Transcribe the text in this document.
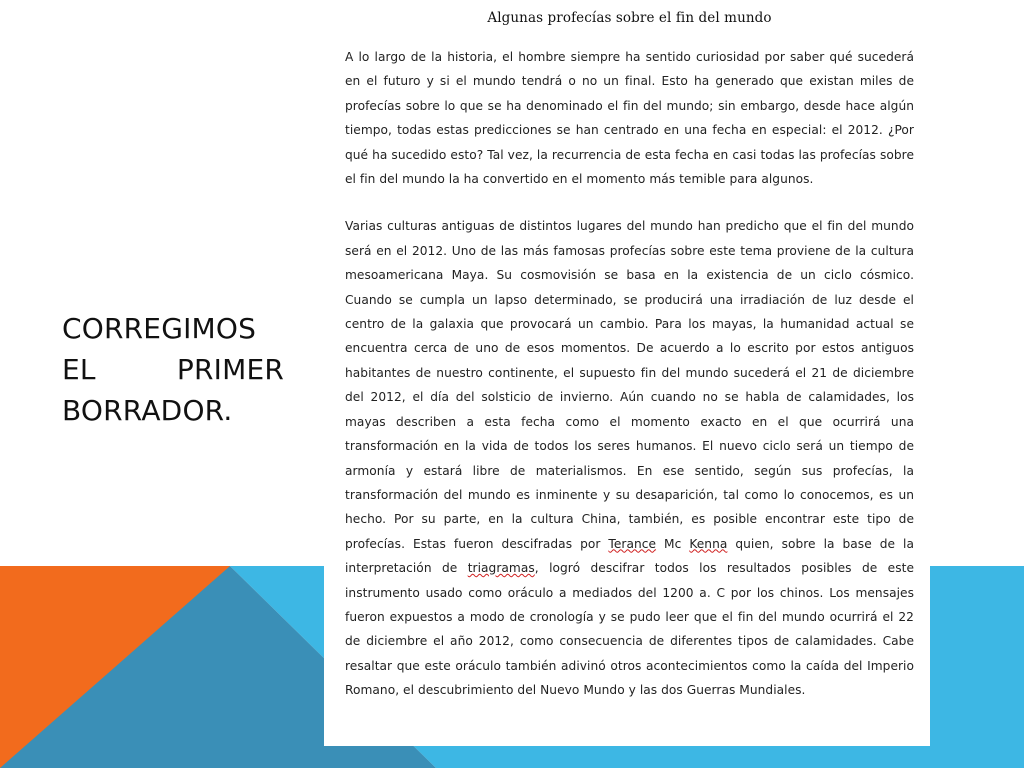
CORREGIMOS
EL PRIMER
BORRADOR.
Algunas profecías sobre el fin del mundo

A lo largo de la historia, el hombre siempre ha sentido curiosidad por saber qué sucederá en el futuro y si el mundo tendrá o no un final. Esto ha generado que existan miles de profecías sobre lo que se ha denominado el fin del mundo; sin embargo, desde hace algún tiempo, todas estas predicciones se han centrado en una fecha en especial: el 2012. ¿Por qué ha sucedido esto? Tal vez, la recurrencia de esta fecha en casi todas las profecías sobre el fin del mundo la ha convertido en el momento más temible para algunos.

Varias culturas antiguas de distintos lugares del mundo han predicho que el fin del mundo será en el 2012. Uno de las más famosas profecías sobre este tema proviene de la cultura mesoamericana Maya. Su cosmovisión se basa en la existencia de un ciclo cósmico. Cuando se cumpla un lapso determinado, se producirá una irradiación de luz desde el centro de la galaxia que provocará un cambio. Para los mayas, la humanidad actual se encuentra cerca de uno de esos momentos. De acuerdo a lo escrito por estos antiguos habitantes de nuestro continente, el supuesto fin del mundo sucederá el 21 de diciembre del 2012, el día del solsticio de invierno. Aún cuando no se habla de calamidades, los mayas describen a esta fecha como el momento exacto en el que ocurrirá una transformación en la vida de todos los seres humanos. El nuevo ciclo será un tiempo de armonía y estará libre de materialismos. En ese sentido, según sus profecías, la transformación del mundo es inminente y su desaparición, tal como lo conocemos, es un hecho. Por su parte, en la cultura China, también, es posible encontrar este tipo de profecías. Estas fueron descifradas por Terance Mc Kenna quien, sobre la base de la interpretación de triagramas, logró descifrar todos los resultados posibles de este instrumento usado como oráculo a mediados del 1200 a. C por los chinos. Los mensajes fueron expuestos a modo de cronología y se pudo leer que el fin del mundo ocurrirá el 22 de diciembre el año 2012, como consecuencia de diferentes tipos de calamidades. Cabe resaltar que este oráculo también adivinó otros acontecimientos como la caída del Imperio Romano, el descubrimiento del Nuevo Mundo y las dos Guerras Mundiales.
